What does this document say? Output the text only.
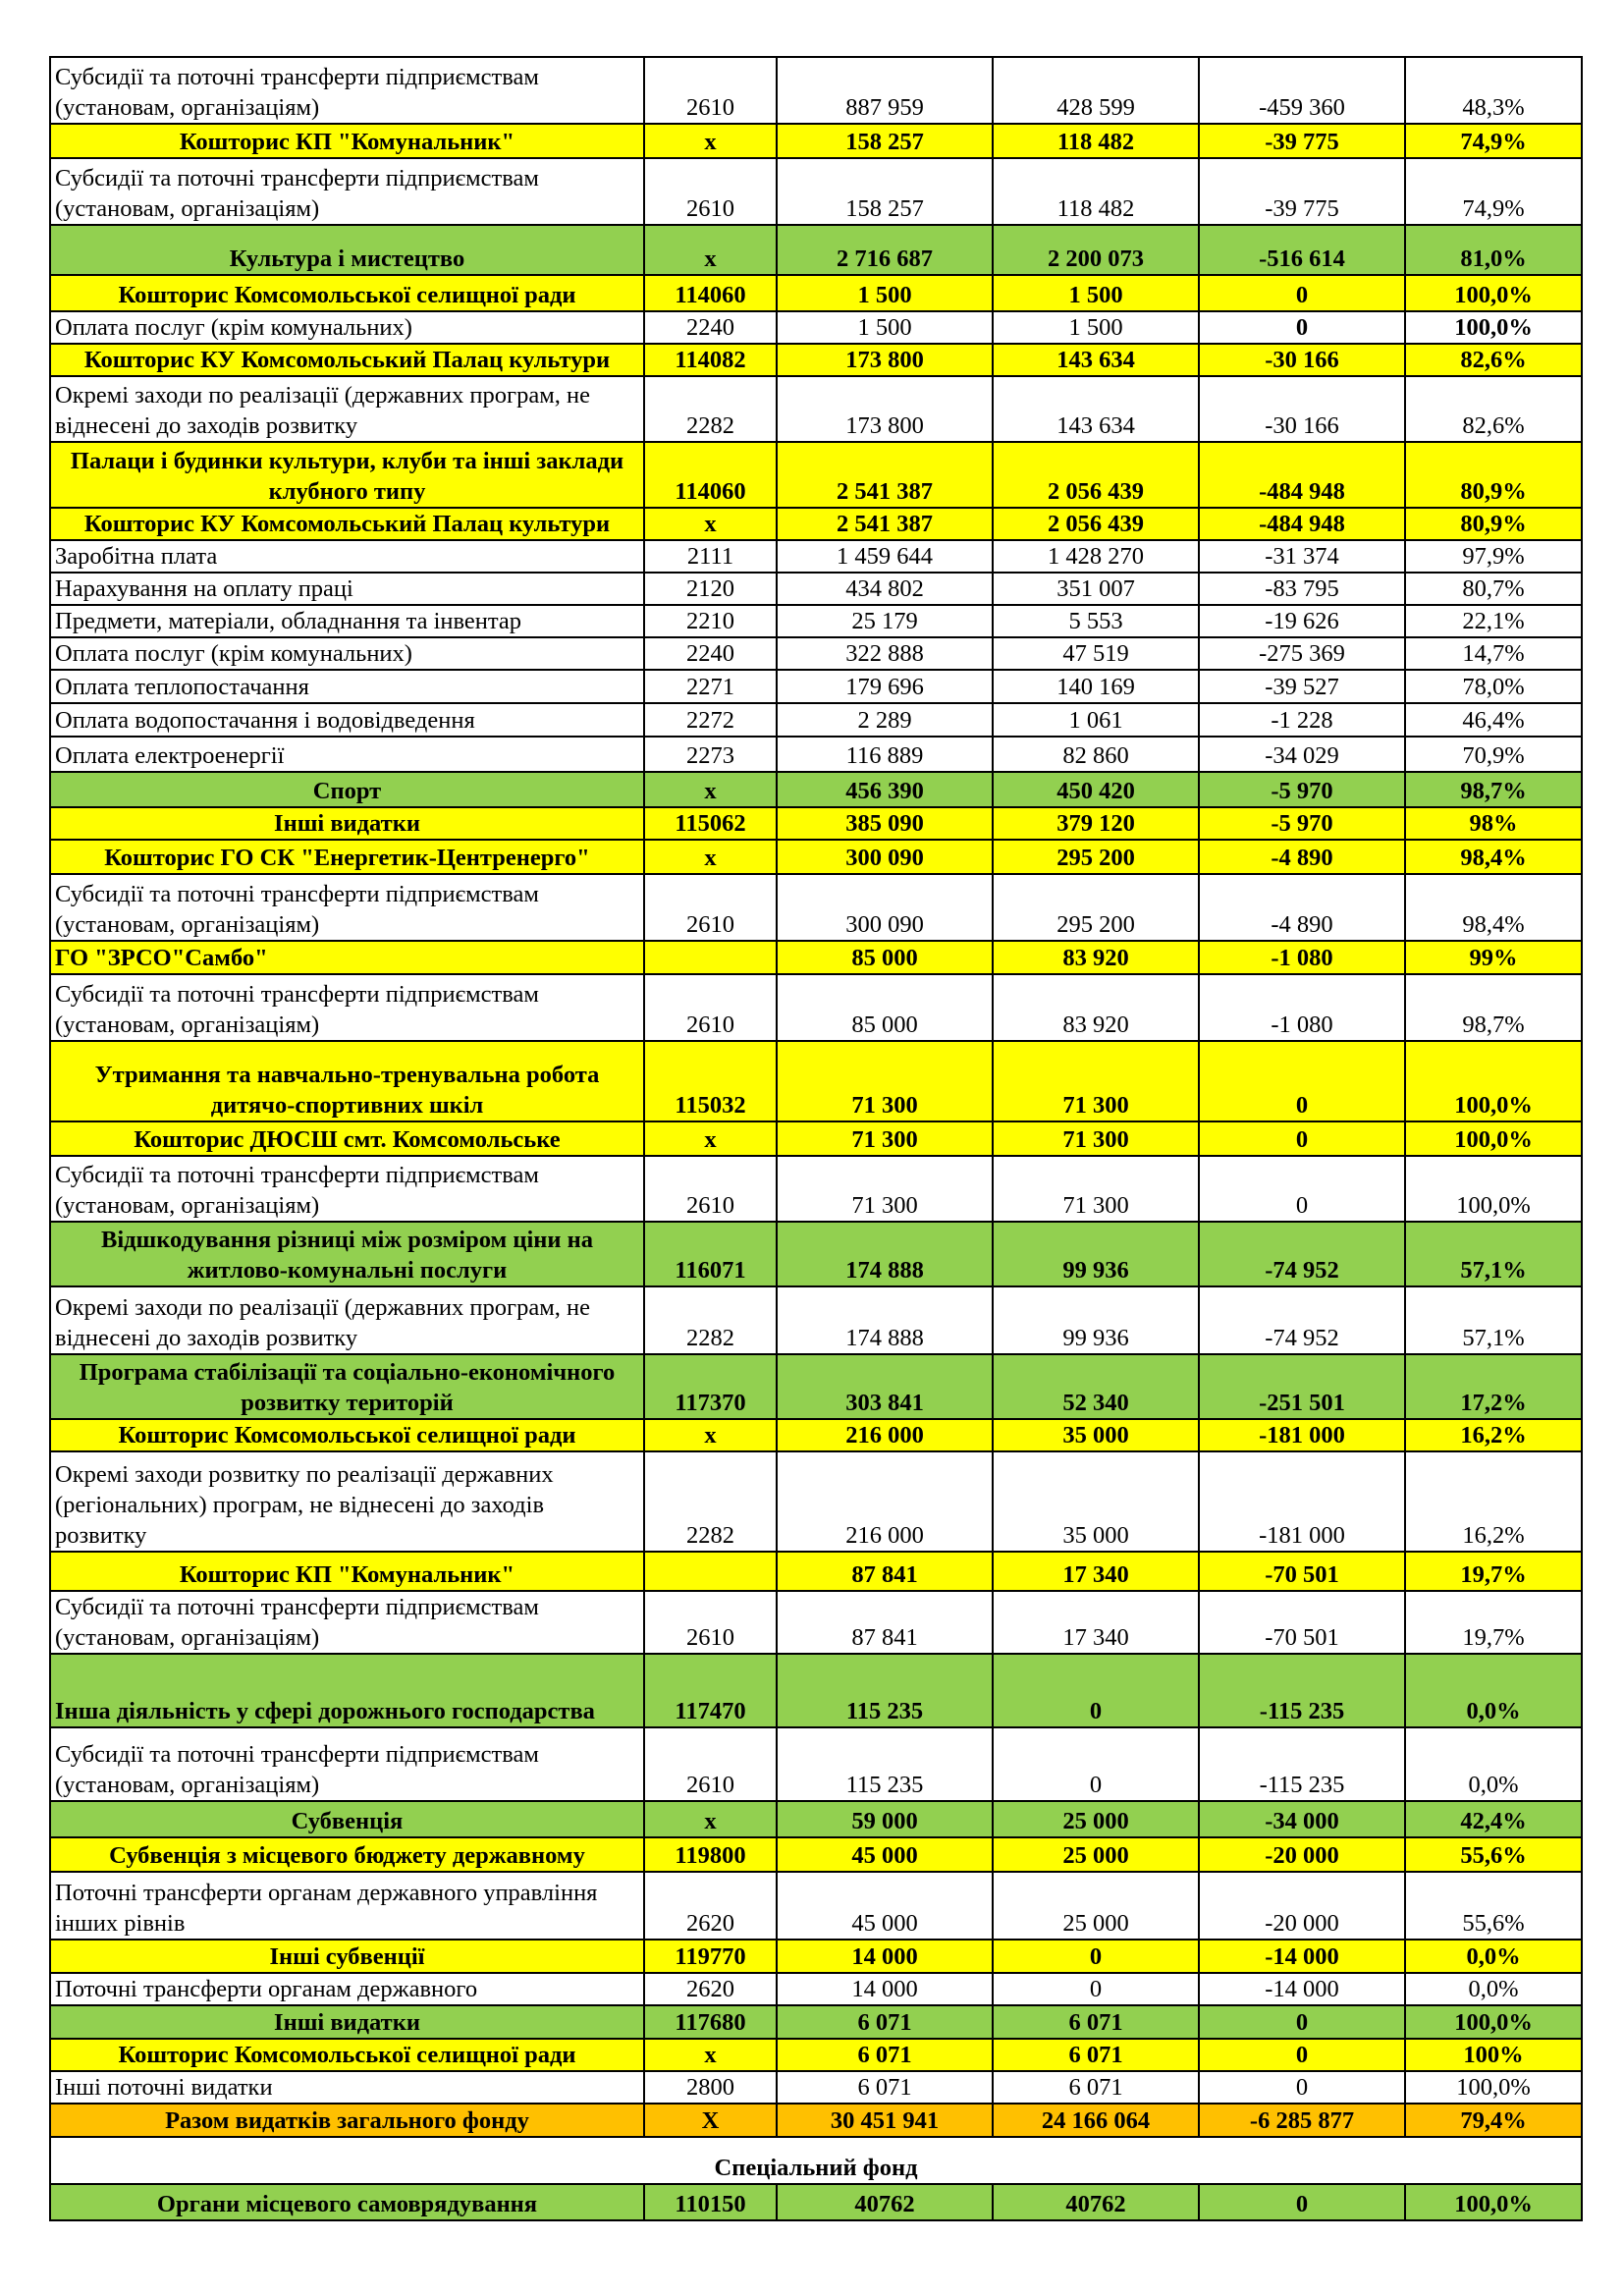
Субсидії та поточні трансферти підприємствам (установам, організаціям)	2610	887 959	428 599	-459 360	48,3%
Кошторис КП "Комунальник"	х	158 257	118 482	-39 775	74,9%
Субсидії та поточні трансферти підприємствам (установам, організаціям)	2610	158 257	118 482	-39 775	74,9%
Культура і мистецтво	х	2 716 687	2 200 073	-516 614	81,0%
Кошторис Комсомольської селищної ради	114060	1 500	1 500	0	100,0%
Оплата послуг (крім комунальних)	2240	1 500	1 500	0	100,0%
Кошторис КУ Комсомольський Палац культури	114082	173 800	143 634	-30 166	82,6%
Окремі заходи по реалізації (державних програм, не віднесені до заходів розвитку	2282	173 800	143 634	-30 166	82,6%
Палаци і будинки культури, клуби та інші заклади клубного типу	114060	2 541 387	2 056 439	-484 948	80,9%
Кошторис КУ Комсомольський Палац культури	х	2 541 387	2 056 439	-484 948	80,9%
Заробітна плата	2111	1 459 644	1 428 270	-31 374	97,9%
Нарахування на оплату праці	2120	434 802	351 007	-83 795	80,7%
Предмети, матеріали, обладнання та інвентар	2210	25 179	5 553	-19 626	22,1%
Оплата послуг (крім комунальних)	2240	322 888	47 519	-275 369	14,7%
Оплата теплопостачання	2271	179 696	140 169	-39 527	78,0%
Оплата водопостачання і водовідведення	2272	2 289	1 061	-1 228	46,4%
Оплата електроенергії	2273	116 889	82 860	-34 029	70,9%
Спорт	х	456 390	450 420	-5 970	98,7%
Інші видатки	115062	385 090	379 120	-5 970	98%
Кошторис ГО СК "Енергетик-Центренерго"	х	300 090	295 200	-4 890	98,4%
Субсидії та поточні трансферти підприємствам (установам, організаціям)	2610	300 090	295 200	-4 890	98,4%
ГО "ЗРСО"Самбо"		85 000	83 920	-1 080	99%
Субсидії та поточні трансферти підприємствам (установам, організаціям)	2610	85 000	83 920	-1 080	98,7%
Утримання та навчально-тренувальна робота дитячо-спортивних шкіл	115032	71 300	71 300	0	100,0%
Кошторис ДЮСШ смт. Комсомольське	х	71 300	71 300	0	100,0%
Субсидії та поточні трансферти підприємствам (установам, організаціям)	2610	71 300	71 300	0	100,0%
Відшкодування різниці між розміром ціни на житлово-комунальні послуги	116071	174 888	99 936	-74 952	57,1%
Окремі заходи по реалізації (державних програм, не віднесені до заходів розвитку	2282	174 888	99 936	-74 952	57,1%
Програма стабілізації та соціально-економічного розвитку територій	117370	303 841	52 340	-251 501	17,2%
Кошторис Комсомольської селищної ради	х	216 000	35 000	-181 000	16,2%
Окремі заходи розвитку по реалізації державних (регіональних) програм, не віднесені до заходів розвитку	2282	216 000	35 000	-181 000	16,2%
Кошторис КП "Комунальник"		87 841	17 340	-70 501	19,7%
Субсидії та поточні трансферти підприємствам (установам, організаціям)	2610	87 841	17 340	-70 501	19,7%
Інша діяльність у сфері дорожнього господарства	117470	115 235	0	-115 235	0,0%
Субсидії та поточні трансферти підприємствам (установам, організаціям)	2610	115 235	0	-115 235	0,0%
Субвенція	х	59 000	25 000	-34 000	42,4%
Субвенція з місцевого бюджету державному	119800	45 000	25 000	-20 000	55,6%
Поточні трансферти органам державного управління інших рівнів	2620	45 000	25 000	-20 000	55,6%
Інші субвенції	119770	14 000	0	-14 000	0,0%
Поточні трансферти органам державного	2620	14 000	0	-14 000	0,0%
Інші видатки	117680	6 071	6 071	0	100,0%
Кошторис Комсомольської селищної ради	х	6 071	6 071	0	100%
Інші поточні видатки	2800	6 071	6 071	0	100,0%
Разом видатків загального фонду	Х	30 451 941	24 166 064	-6 285 877	79,4%
Спеціальний фонд					
Органи місцевого самоврядування	110150	40762	40762	0	100,0%
